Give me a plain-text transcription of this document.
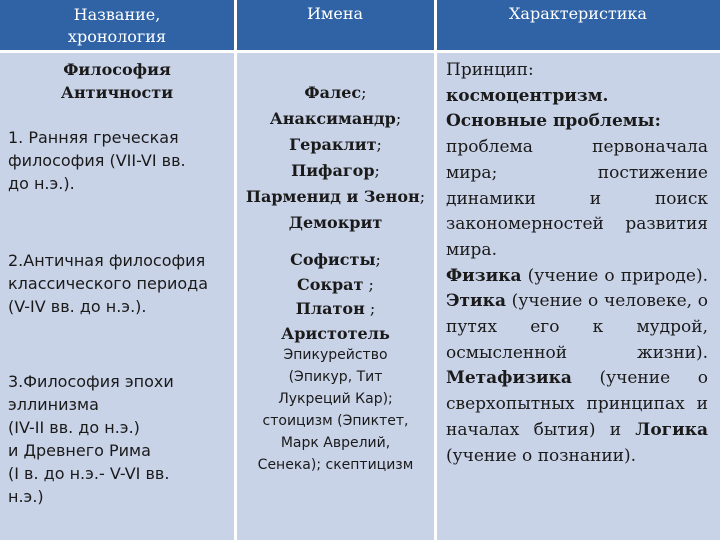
Название,
хронология
Имена	Характеристика
Философия
Античности
1. Ранняя греческая
философия (VII-VI вв.
до н.э.).
2.Античная философия
классического периода
(V-IV вв. до н.э.).
3.Философия эпохи
эллинизма
(IV-II вв. до н.э.)
и Древнего Рима
(I в. до н.э.- V-VI вв.
н.э.)
Фалес;
Анаксимандр;
Гераклит;
Пифагор;
Парменид и Зенон;
Демокрит
Софисты;
Сократ ;
Платон ;
Аристотель
Эпикурейство
(Эпикур, Тит
Лукреций Кар);
стоицизм (Эпиктет,
Марк Аврелий,
Сенека); скептицизм
Принцип:
космоцентризм.
Основные проблемы:
проблема первоначала мира; постижение динамики и поиск закономерностей развития мира.
Физика (учение о природе). Этика (учение о человеке, о путях его к мудрой, осмысленной жизни). Метафизика (учение о сверхопытных принципах и началах бытия) и Логика (учение о познании).
